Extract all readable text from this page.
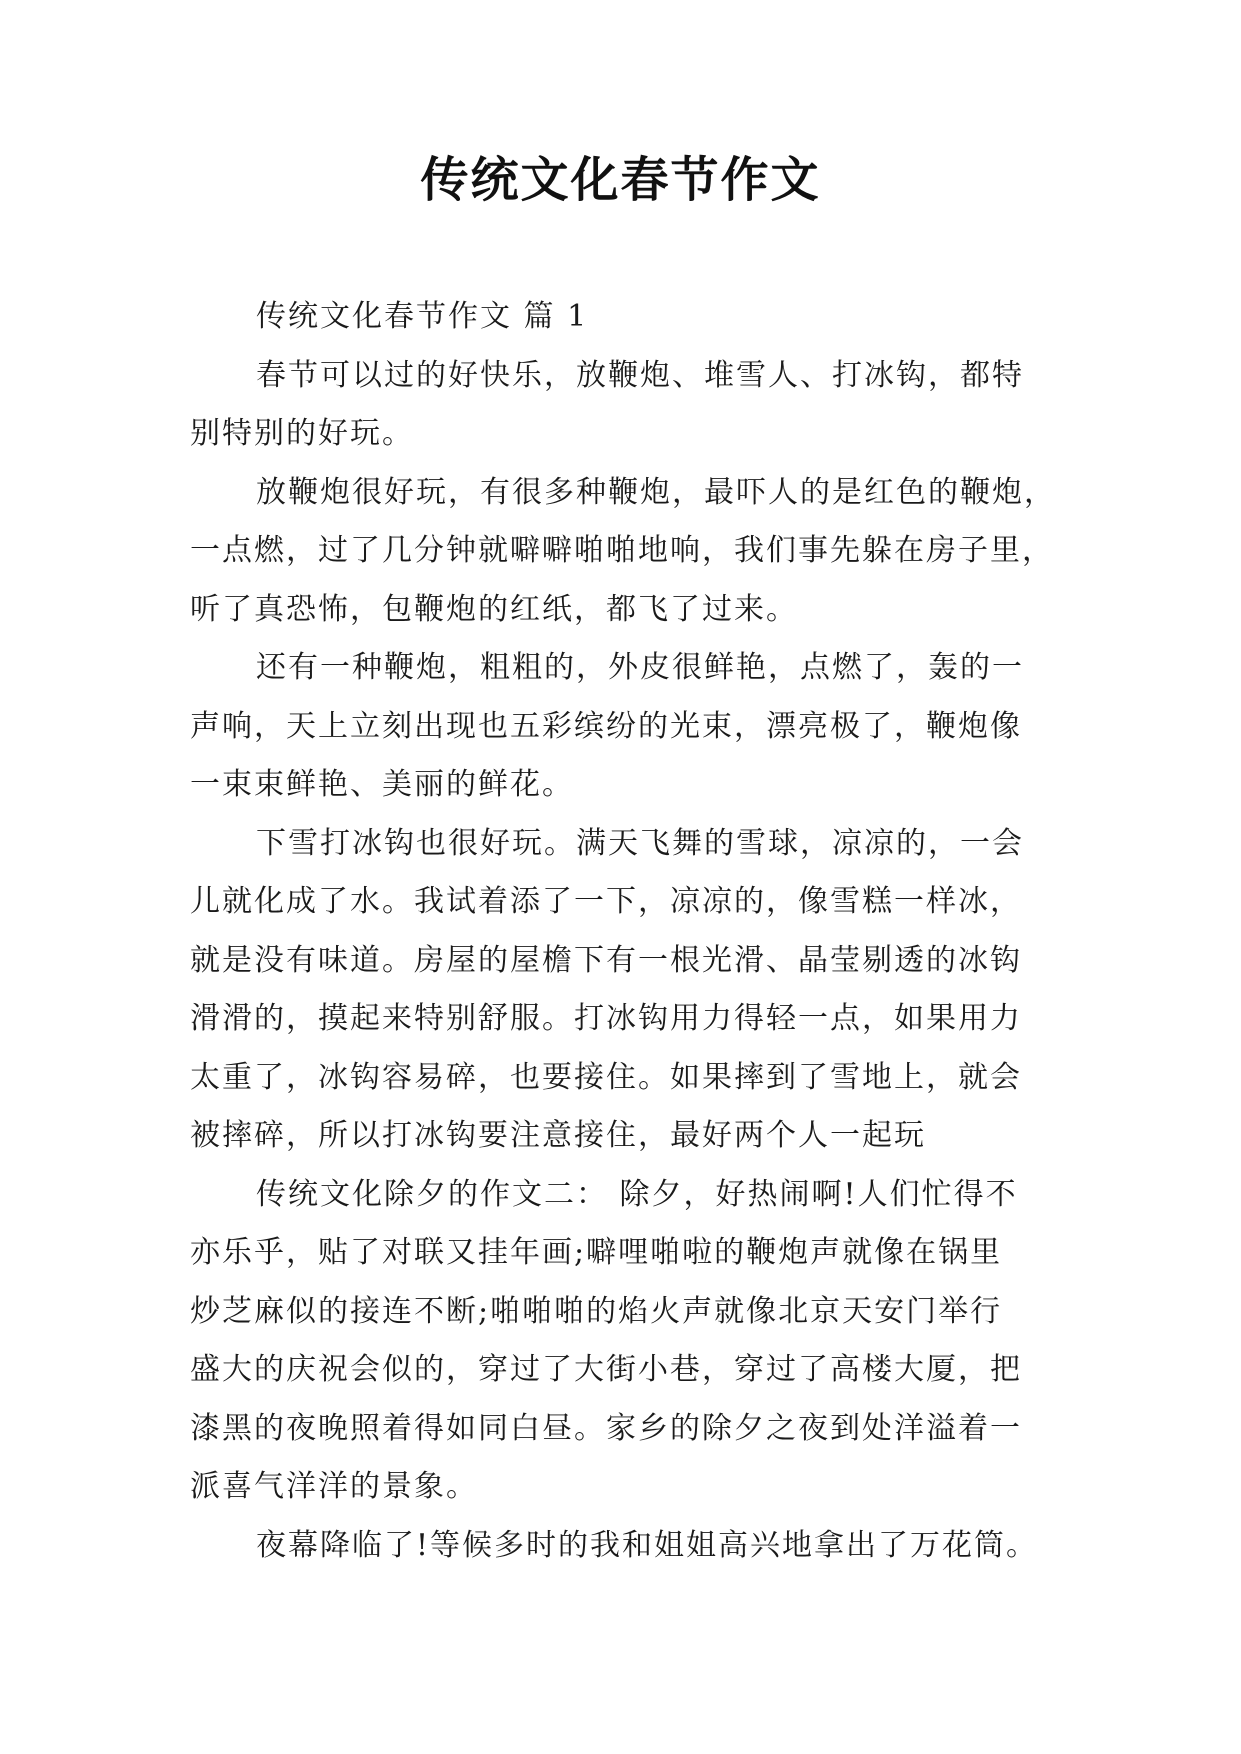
传统文化春节作文
传统文化春节作文 篇 1
春节可以过的好快乐，放鞭炮、堆雪人、打冰钩，都特
别特别的好玩。
放鞭炮很好玩，有很多种鞭炮，最吓人的是红色的鞭炮，
一点燃，过了几分钟就噼噼啪啪地响，我们事先躲在房子里，
听了真恐怖，包鞭炮的红纸，都飞了过来。
还有一种鞭炮，粗粗的，外皮很鲜艳，点燃了，轰的一
声响，天上立刻出现也五彩缤纷的光束，漂亮极了，鞭炮像
一束束鲜艳、美丽的鲜花。
下雪打冰钩也很好玩。满天飞舞的雪球，凉凉的，一会
儿就化成了水。我试着添了一下，凉凉的，像雪糕一样冰，
就是没有味道。房屋的屋檐下有一根光滑、晶莹剔透的冰钩
滑滑的，摸起来特别舒服。打冰钩用力得轻一点，如果用力
太重了，冰钩容易碎，也要接住。如果摔到了雪地上，就会
被摔碎，所以打冰钩要注意接住，最好两个人一起玩
传统文化除夕的作文二： 除夕，好热闹啊!人们忙得不
亦乐乎，贴了对联又挂年画;噼哩啪啦的鞭炮声就像在锅里
炒芝麻似的接连不断;啪啪啪的焰火声就像北京天安门举行
盛大的庆祝会似的，穿过了大街小巷，穿过了高楼大厦，把
漆黑的夜晚照着得如同白昼。家乡的除夕之夜到处洋溢着一
派喜气洋洋的景象。
夜幕降临了!等候多时的我和姐姐高兴地拿出了万花筒。
